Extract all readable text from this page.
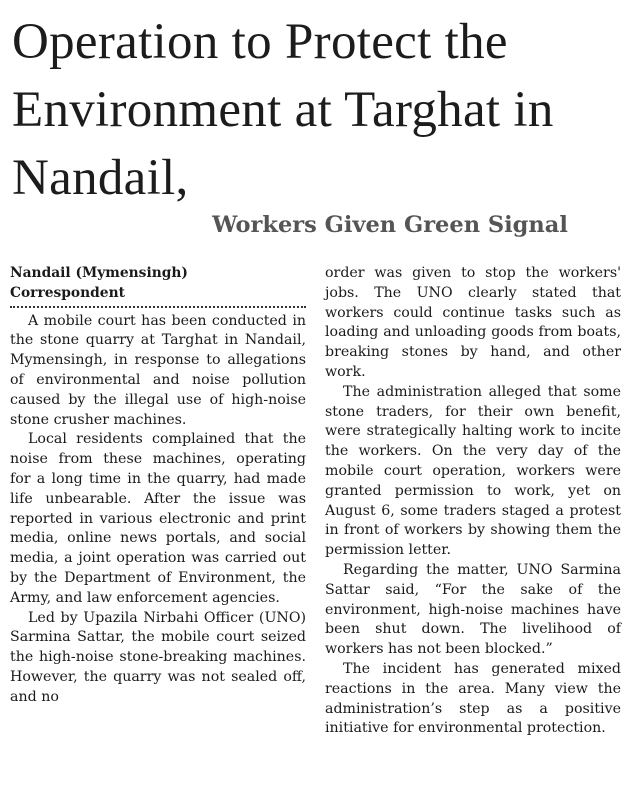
Operation to Protect the Environment at Targhat in Nandail,
Workers Given Green Signal
Nandail (Mymensingh)
Correspondent

A mobile court has been conducted in the stone quarry at Targhat in Nandail, Mymensingh, in response to allegations of environmental and noise pollution caused by the illegal use of high-noise stone crusher machines.

Local residents complained that the noise from these machines, operating for a long time in the quarry, had made life unbearable. After the issue was reported in various electronic and print media, online news portals, and social media, a joint operation was carried out by the Department of Environment, the Army, and law enforcement agencies.

Led by Upazila Nirbahi Officer (UNO) Sarmina Sattar, the mobile court seized the high-noise stone-breaking machines. However, the quarry was not sealed off, and no

order was given to stop the workers' jobs. The UNO clearly stated that workers could continue tasks such as loading and unloading goods from boats, breaking stones by hand, and other work.

The administration alleged that some stone traders, for their own benefit, were strategically halting work to incite the workers. On the very day of the mobile court operation, workers were granted permission to work, yet on August 6, some traders staged a protest in front of workers by showing them the permission letter.

Regarding the matter, UNO Sarmina Sattar said, “For the sake of the environment, high-noise machines have been shut down. The livelihood of workers has not been blocked.”

The incident has generated mixed reactions in the area. Many view the administration’s step as a positive initiative for environmental protection.
